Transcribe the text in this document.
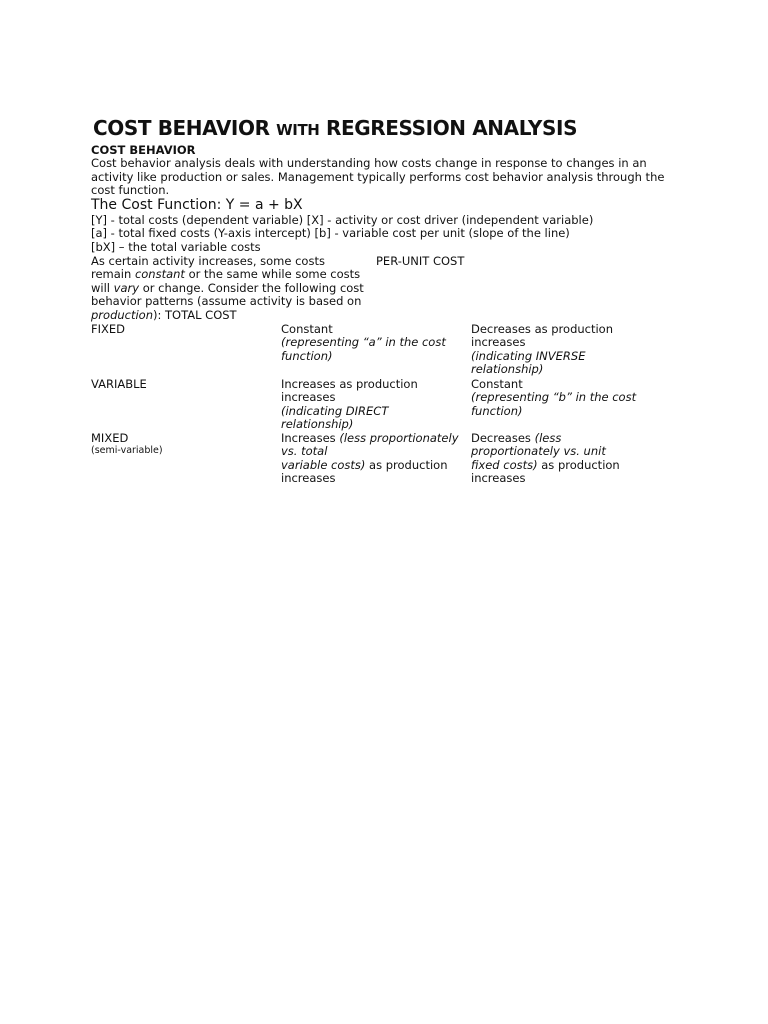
COST BEHAVIOR WITH REGRESSION ANALYSIS
COST BEHAVIOR
Cost behavior analysis deals with understanding how costs change in response to changes in an
activity like production or sales. Management typically performs cost behavior analysis through the
cost function.
The Cost Function: Y = a + bX
[Y] - total costs (dependent variable) [X] - activity or cost driver (independent variable)
[a] - total fixed costs (Y-axis intercept) [b] - variable cost per unit (slope of the line)
[bX] – the total variable costs
As certain activity increases, some costs
remain constant or the same while some costs
will vary or change. Consider the following cost
behavior patterns (assume activity is based on
production): TOTAL COST
PER-UNIT COST
FIXED	Constant
(representing “a” in the cost
function)
Decreases as production
increases
(indicating INVERSE
relationship)
VARIABLE	Increases as production
increases
(indicating DIRECT
relationship)
Constant
(representing “b” in the cost
function)
MIXED
(semi-variable)
Increases (less proportionately
vs. total
variable costs) as production
increases
Decreases (less
proportionately vs. unit
fixed costs) as production
increases
